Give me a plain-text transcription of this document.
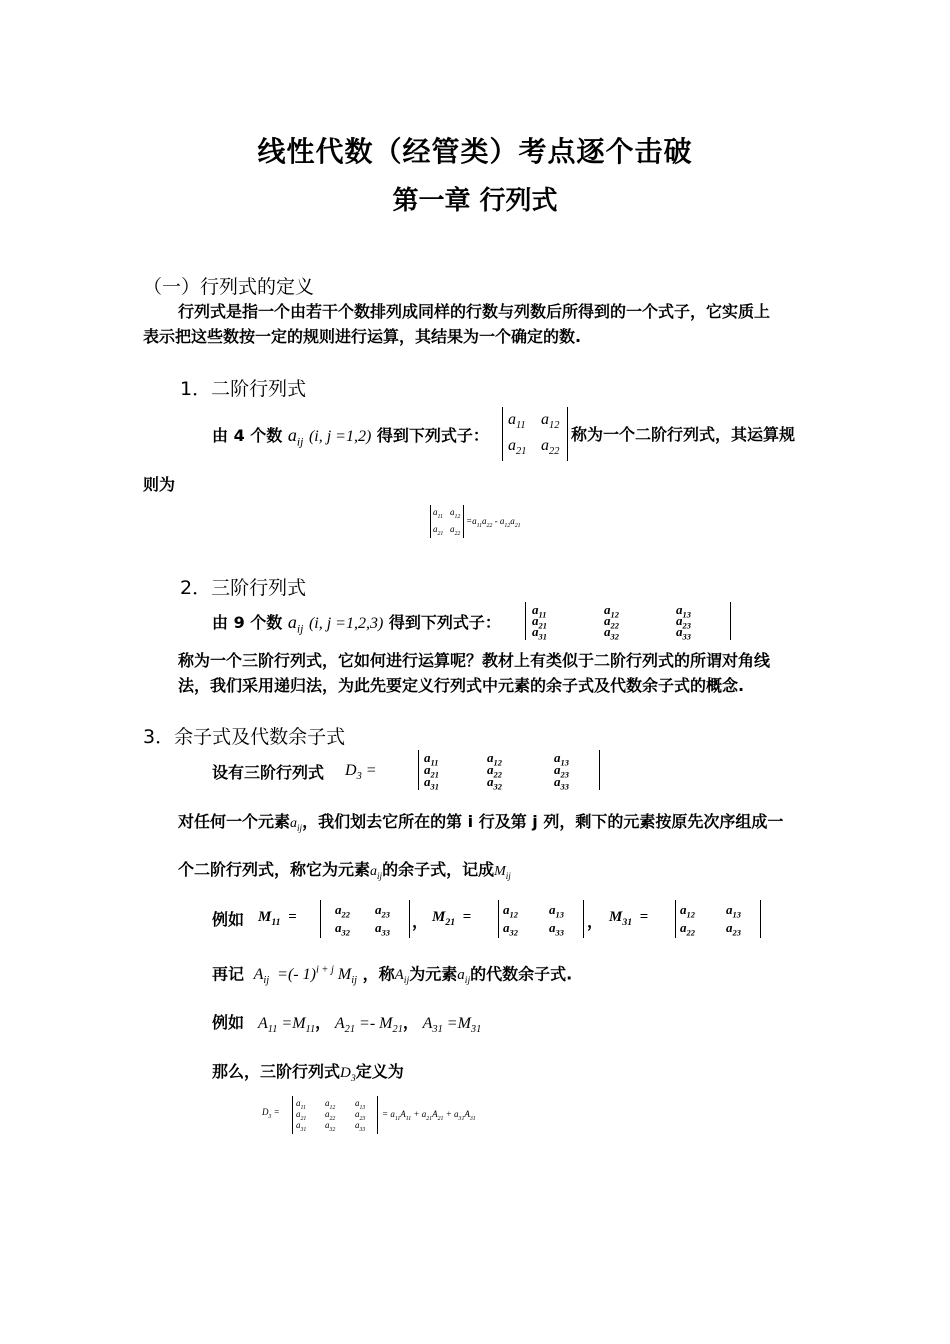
线性代数（经管类）考点逐个击破
第一章 行列式
（一）行列式的定义
行列式是指一个由若干个数排列成同样的行数与列数后所得到的一个式子，它实质上
表示把这些数按一定的规则进行运算，其结果为一个确定的数.
1．二阶行列式
由 4 个数 $a_{ij}$ (i, j =1,2) 得到下列式子：
$a_{11}$ $a_{12}$
$a_{21}$ $a_{22}$
称为一个二阶行列式，其运算规
则为
$a_{11}$ $a_{12}$
$a_{21}$ $a_{22}$
$=a_{11}a_{22} - a_{12}a_{21}$
2．三阶行列式
由 9 个数 $a_{ij}$ (i, j =1,2,3) 得到下列式子：
$a_{11}$	$a_{12}$	$a_{13}$
$a_{21}$	$a_{22}$	$a_{23}$
$a_{31}$	$a_{32}$	$a_{33}$
称为一个三阶行列式，它如何进行运算呢？教材上有类似于二阶行列式的所谓对角线
法，我们采用递归法，为此先要定义行列式中元素的余子式及代数余子式的概念.
3．余子式及代数余子式
设有三阶行列式 $D_3$ =
$a_{11}$	$a_{12}$	$a_{13}$
$a_{21}$	$a_{22}$	$a_{23}$
$a_{31}$	$a_{32}$	$a_{33}$
对任何一个元素$a_{ij}$，我们划去它所在的第 i 行及第 j 列，剩下的元素按原先次序组成一
个二阶行列式，称它为元素$a_{ij}$的余子式，记成$M_{ij}$
例如 $M_{11}$  =	$a_{22}$ $a_{23}$
$a_{32}$ $a_{33}$
， $M_{21} = a_{12}$ $a_{13}$
$a_{32}$ $a_{33}$
， $M_{31} = a_{12}$ $a_{13}$
$a_{22}$ $a_{23}$
再记  $A_{ij}$  =(- 1)$^{i + j}$ $M_{ij}$ ，称$A_{ij}$为元素$a_{ij}$的代数余子式.
例如 $A_{11} =M_{11}$， $A_{21} =- M_{21}$， $A_{31} =M_{31}$
那么，三阶行列式$D_3$定义为
$D_3$ =
$a_{11}$ $a_{12}$ $a_{13}$
$a_{21}$ $a_{22}$ $a_{23}$
$a_{31}$ $a_{32}$ $a_{33}$
= $a_{11}A_{11} + a_{21}A_{21} + a_{31}A_{31}$
